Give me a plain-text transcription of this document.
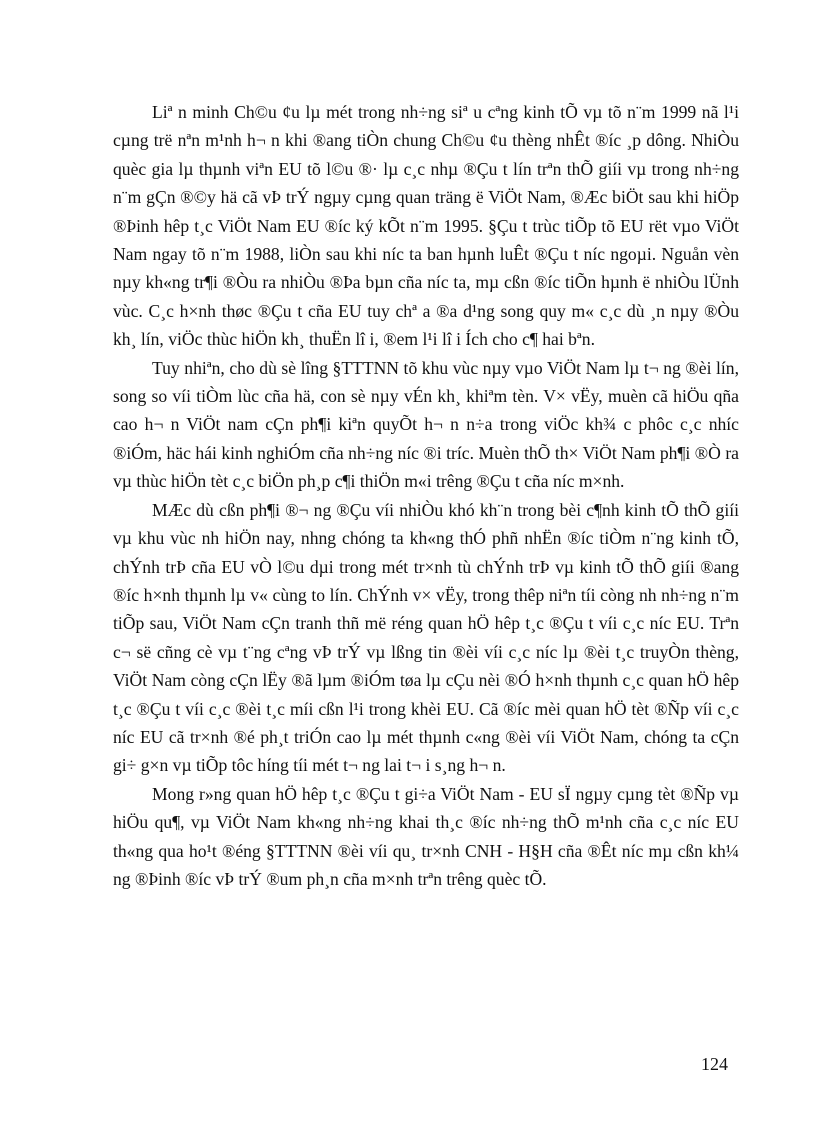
Liª n minh Ch©u ¢u lµ mét trong nh÷ng siª u cªng kinh tÕ vµ tõ n¨m 1999 nã l¹i cµng trë nªn m¹nh h¬ n khi ®ang tiÒn chung Ch©u ¢u thèng nhÊt ®íc ¸p dông. NhiÒu quèc gia lµ thµnh viªn EU tõ l©u ®· lµ c¸c nhµ ®Çu t lín trªn thÕ giíi vµ trong nh÷ng n¨m gÇn ®©y hä cã vÞ trÝ ngµy cµng quan träng ë ViÖt Nam, ®Æc biÖt sau khi hiÖp ®Þinh hêp t¸c ViÖt Nam EU ®íc ký kÕt n¨m 1995. §Çu t trùc tiÕp tõ EU rët vµo ViÖt Nam ngay tõ n¨m 1988, liÒn sau khi níc ta ban hµnh luÊt ®Çu t níc ngoµi. Nguån vèn nµy kh«ng tr¶i ®Òu ra nhiÒu ®Þa bµn cña níc ta, mµ cßn ®íc tiÕn hµnh ë nhiÒu lÜnh vùc. C¸c h×nh thøc ®Çu t cña EU tuy chª a ®a d¹ng song quy m« c¸c dù ¸n nµy ®Òu kh¸ lín, viÖc thùc hiÖn kh¸ thuËn lî i, ®em l¹i lî i Ích cho c¶ hai bªn.

Tuy nhiªn, cho dù sè lîng §TTTNN tõ khu vùc nµy vµo ViÖt Nam lµ t¬ ng ®èi lín, song so víi tiÒm lùc cña hä, con sè nµy vÉn kh¸ khiªm tèn. V× vËy, muèn cã hiÖu qña cao h¬ n ViÖt nam cÇn ph¶i kiªn quyÕt h¬ n n÷a trong viÖc kh¾ c phôc c¸c nhíc ®iÓm, häc hái kinh nghiÓm cña nh÷ng níc ®i tríc. Muèn thÕ th× ViÖt Nam ph¶i ®Ò ra vµ thùc hiÖn tèt c¸c biÖn ph¸p c¶i thiÖn m«i trêng ®Çu t cña níc m×nh.

MÆc dù cßn ph¶i ®¬ ng ®Çu víi nhiÒu khó kh¨n trong bèi c¶nh kinh tÕ thÕ giíi vµ khu vùc nh hiÖn nay, nhng chóng ta kh«ng thÓ phñ nhËn ®íc tiÒm n¨ng kinh tÕ, chÝnh trÞ cña EU vÒ l©u dµi trong mét tr×nh tù chÝnh trÞ vµ kinh tÕ thÕ giíi ®ang ®íc h×nh thµnh lµ v« cùng to lín. ChÝnh v× vËy, trong thêp niªn tíi còng nh nh÷ng n¨m tiÕp sau, ViÖt Nam cÇn tranh thñ më réng quan hÖ hêp t¸c ®Çu t víi c¸c níc EU. Trªn c¬ së cñng cè vµ t¨ng cªng vÞ trÝ vµ lßng tin ®èi víi c¸c níc lµ ®èi t¸c truyÒn thèng, ViÖt Nam còng cÇn lËy ®ã lµm ®iÓm tøa lµ cÇu nèi ®Ó h×nh thµnh c¸c quan hÖ hêp t¸c ®Çu t víi c¸c ®èi t¸c míi cßn l¹i trong khèi EU. Cã ®íc mèi quan hÖ tèt ®Ñp víi c¸c níc EU cã tr×nh ®é ph¸t triÓn cao lµ mét thµnh c«ng ®èi víi ViÖt Nam, chóng ta cÇn gi÷ g×n vµ tiÕp tôc híng tíi mét t¬ ng lai t¬ i s¸ng h¬ n.

Mong r»ng quan hÖ hêp t¸c ®Çu t gi÷a ViÖt Nam - EU sÏ ngµy cµng tèt ®Ñp vµ hiÖu qu¶, vµ ViÖt Nam kh«ng nh÷ng khai th¸c ®íc nh÷ng thÕ m¹nh cña c¸c níc EU th«ng qua ho¹t ®éng §TTTNN ®èi víi qu¸ tr×nh CNH - H§H cña ®Êt níc mµ cßn kh¼ ng ®Þinh ®íc vÞ trÝ ®um ph¸n cña m×nh trªn trêng quèc tÕ.

124
